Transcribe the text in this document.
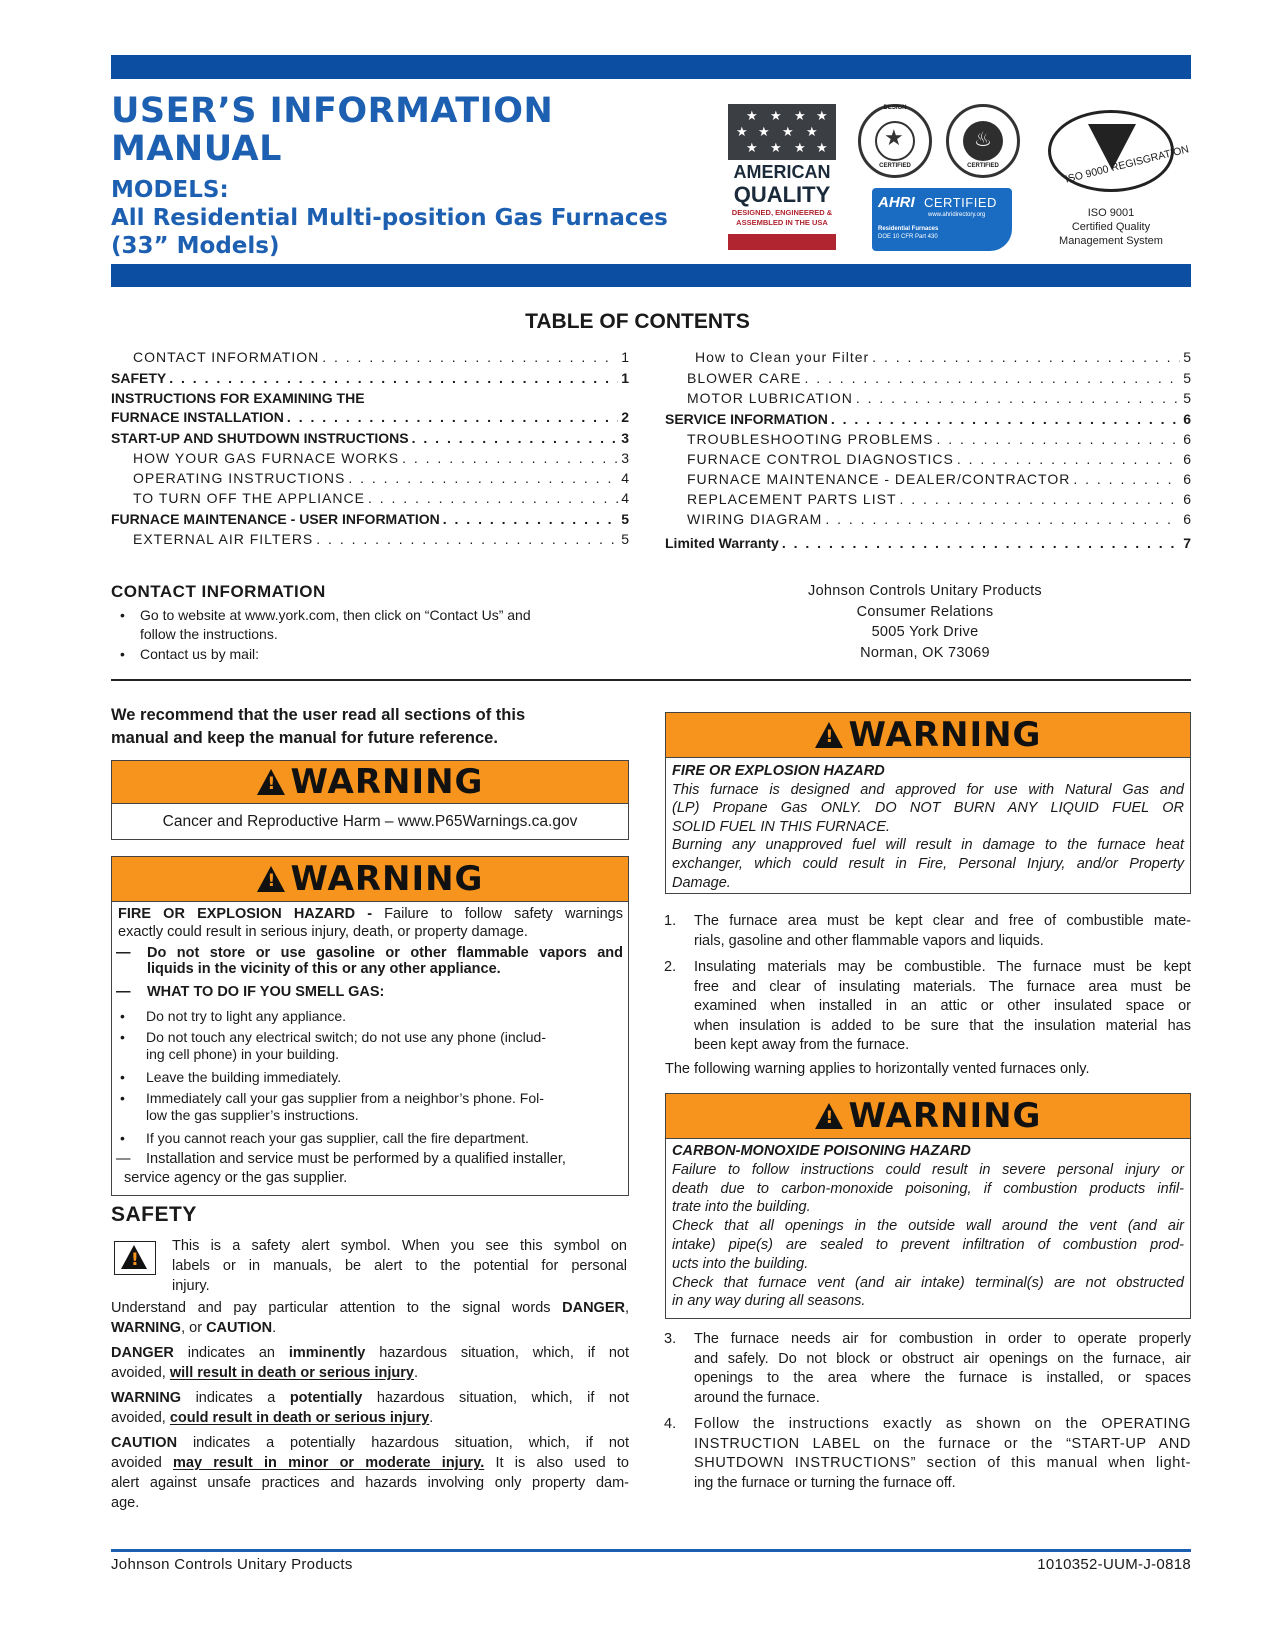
USER’S INFORMATION
MANUAL
MODELS:
All Residential Multi-position Gas Furnaces
(33” Models)
★ ★ ★ ★
★ ★ ★ ★
★ ★ ★ ★
AMERICAN
QUALITY
DESIGNED, ENGINEERED &
ASSEMBLED IN THE USA
DESIGN
★
CERTIFIED
♨
CERTIFIED
AHRI CERTIFIED
www.ahridirectory.org
Residential Furnaces
DOE 10 CFR Part 430
ISO 9000 REGISGRATION
ISO 9001
Certified Quality
Management System
TABLE OF CONTENTS
CONTACT INFORMATION . . .	1
SAFETY . . .	1
INSTRUCTIONS FOR EXAMINING THE
FURNACE INSTALLATION . . .	2
START-UP AND SHUTDOWN INSTRUCTIONS . . .	3
HOW YOUR GAS FURNACE WORKS . . .	3
OPERATING INSTRUCTIONS . . .	4
TO TURN OFF THE APPLIANCE . . .	4
FURNACE MAINTENANCE - USER INFORMATION . . .	5
EXTERNAL AIR FILTERS . . .	5
How to Clean your Filter . . .	5
BLOWER CARE . . .	5
MOTOR LUBRICATION . . .	5
SERVICE INFORMATION . . .	6
TROUBLESHOOTING PROBLEMS . . .	6
FURNACE CONTROL DIAGNOSTICS . . .	6
FURNACE MAINTENANCE - DEALER/CONTRACTOR . . .	6
REPLACEMENT PARTS LIST . . .	6
WIRING DIAGRAM . . .	6
Limited Warranty . . .	7
CONTACT INFORMATION
• Go to website at www.york.com, then click on “Contact Us” and
follow the instructions.
• Contact us by mail:
Johnson Controls Unitary Products
Consumer Relations
5005 York Drive
Norman, OK 73069
We recommend that the user read all sections of this
manual and keep the manual for future reference.
!
WARNING
Cancer and Reproductive Harm – www.P65Warnings.ca.gov
!
WARNING
FIRE OR EXPLOSION HAZARD - Failure to follow safety warnings
exactly could result in serious injury, death, or property damage.
—	Do not store or use gasoline or other flammable vapors and
liquids in the vicinity of this or any other appliance.
— WHAT TO DO IF YOU SMELL GAS:
• Do not try to light any appliance.
• Do not touch any electrical switch; do not use any phone (includ-
ing cell phone) in your building.
• Leave the building immediately.
• Immediately call your gas supplier from a neighbor’s phone. Fol-
low the gas supplier’s instructions.
• If you cannot reach your gas supplier, call the fire department.
—	Installation and service must be performed by a qualified installer,
service agency or the gas supplier.
SAFETY
!
This is a safety alert symbol. When you see this symbol on
labels or in manuals, be alert to the potential for personal
injury.
Understand and pay particular attention to the signal words DANGER,
WARNING, or CAUTION.
DANGER indicates an imminently hazardous situation, which, if not
avoided, will result in death or serious injury.
WARNING indicates a potentially hazardous situation, which, if not
avoided, could result in death or serious injury.
CAUTION indicates a potentially hazardous situation, which, if not
avoided may result in minor or moderate injury. It is also used to
alert against unsafe practices and hazards involving only property dam-
age.
!
WARNING
FIRE OR EXPLOSION HAZARD
This furnace is designed and approved for use with Natural Gas and
(LP) Propane Gas ONLY. DO NOT BURN ANY LIQUID FUEL OR
SOLID FUEL IN THIS FURNACE.
Burning any unapproved fuel will result in damage to the furnace heat
exchanger, which could result in Fire, Personal Injury, and/or Property
Damage.
1. The furnace area must be kept clear and free of combustible mate-
rials, gasoline and other flammable vapors and liquids.
2. Insulating materials may be combustible. The furnace must be kept
free and clear of insulating materials. The furnace area must be
examined when installed in an attic or other insulated space or
when insulation is added to be sure that the insulation material has
been kept away from the furnace.
The following warning applies to horizontally vented furnaces only.
!
WARNING
CARBON-MONOXIDE POISONING HAZARD
Failure to follow instructions could result in severe personal injury or
death due to carbon-monoxide poisoning, if combustion products infil-
trate into the building.
Check that all openings in the outside wall around the vent (and air
intake) pipe(s) are sealed to prevent infiltration of combustion prod-
ucts into the building.
Check that furnace vent (and air intake) terminal(s) are not obstructed
in any way during all seasons.
3. The furnace needs air for combustion in order to operate properly
and safely. Do not block or obstruct air openings on the furnace, air
openings to the area where the furnace is installed, or spaces
around the furnace.
4. Follow the instructions exactly as shown on the OPERATING
INSTRUCTION LABEL on the furnace or the “START-UP AND
SHUTDOWN INSTRUCTIONS” section of this manual when light-
ing the furnace or turning the furnace off.
Johnson Controls Unitary Products	1010352-UUM-J-0818
